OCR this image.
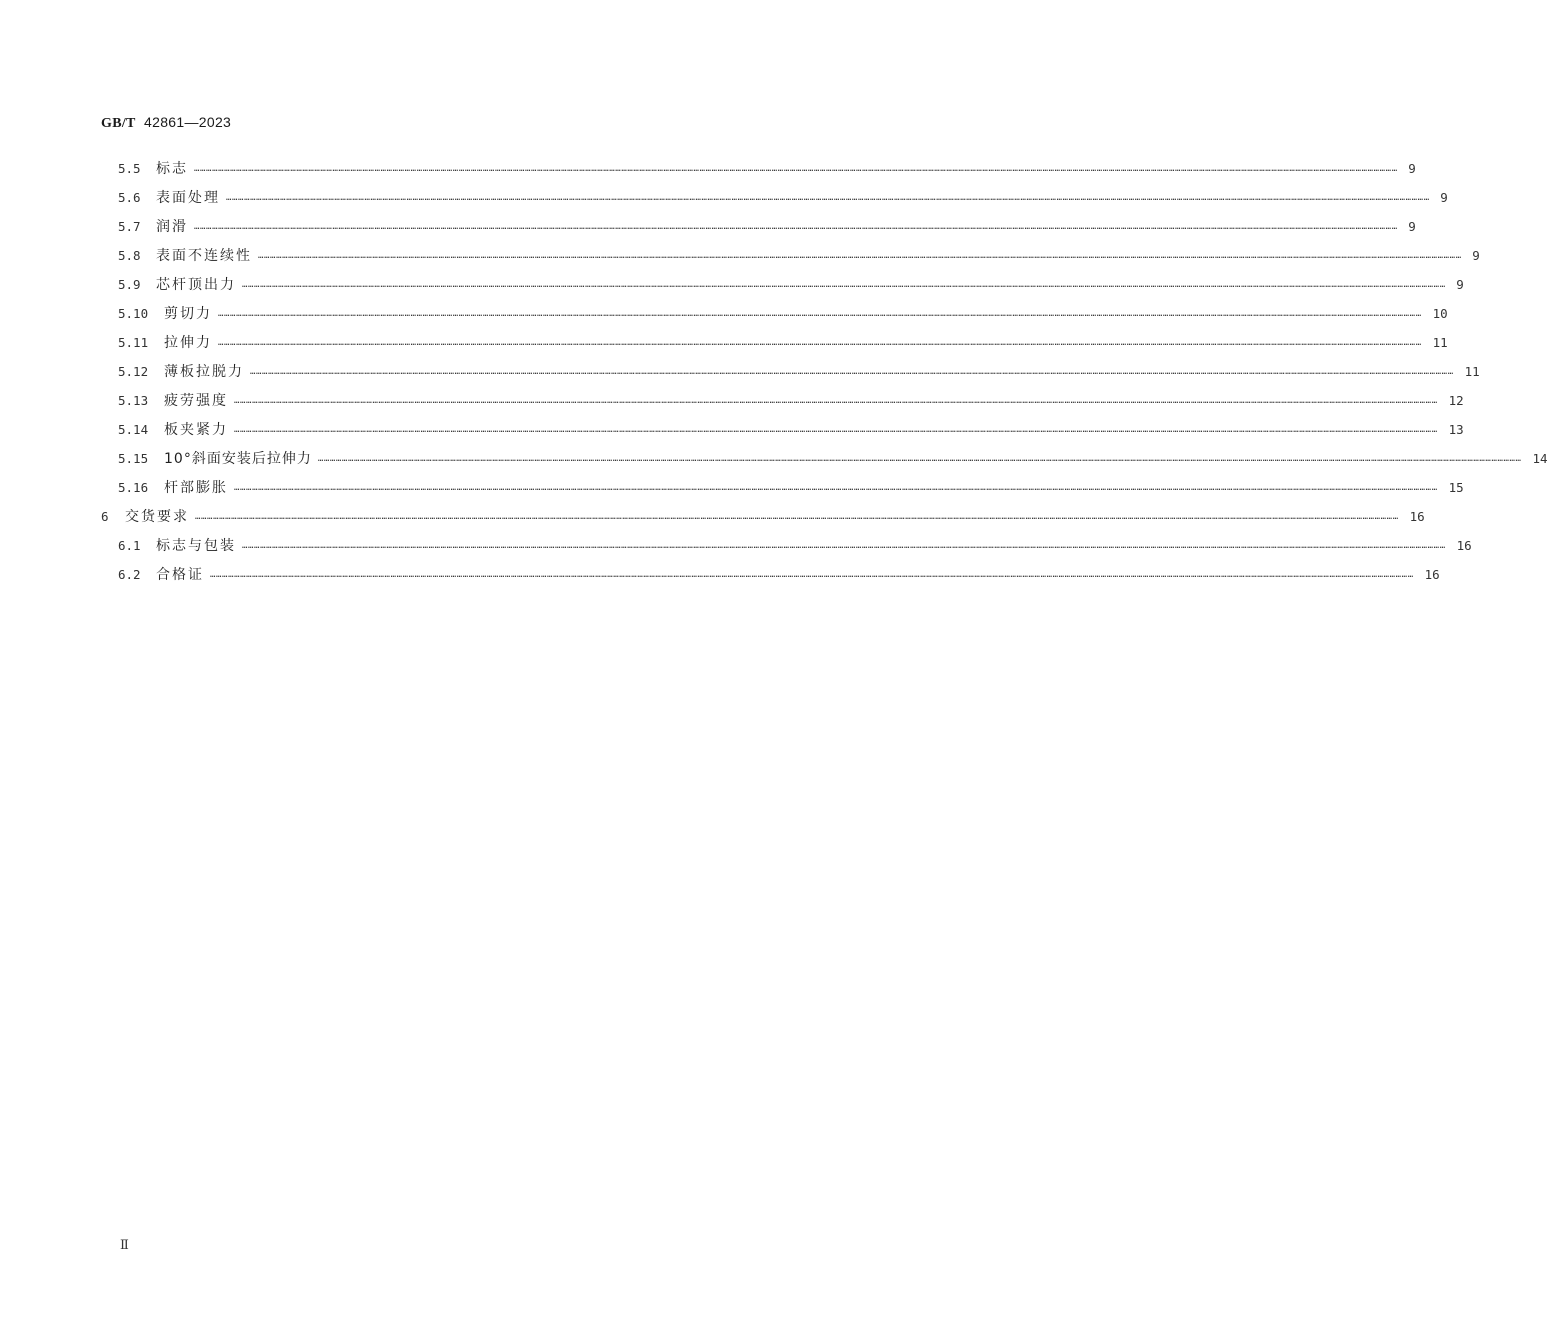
GB/T 42861—2023
5.5	标志 …………………………………………………………………………………………………………………………………………………………………………………………………………………………………………………………………………………………………………………………………………………………………………………………………………………………………………………………………………………………………………………………………………………… 9
5.6	表面处理 …………………………………………………………………………………………………………………………………………………………………………………………………………………………………………………………………………………………………………………………………………………………………………………………………………………………………………………………………………………………………………………………………………………… 9
5.7	润滑 …………………………………………………………………………………………………………………………………………………………………………………………………………………………………………………………………………………………………………………………………………………………………………………………………………………………………………………………………………………………………………………………………………………… 9
5.8	表面不连续性 …………………………………………………………………………………………………………………………………………………………………………………………………………………………………………………………………………………………………………………………………………………………………………………………………………………………………………………………………………………………………………………………………………………… 9
5.9	芯杆顶出力 …………………………………………………………………………………………………………………………………………………………………………………………………………………………………………………………………………………………………………………………………………………………………………………………………………………………………………………………………………………………………………………………………………………… 9
5.10	剪切力 …………………………………………………………………………………………………………………………………………………………………………………………………………………………………………………………………………………………………………………………………………………………………………………………………………………………………………………………………………………………………………………………………………………… 10
5.11	拉伸力 …………………………………………………………………………………………………………………………………………………………………………………………………………………………………………………………………………………………………………………………………………………………………………………………………………………………………………………………………………………………………………………………………………………… 11
5.12	薄板拉脱力 …………………………………………………………………………………………………………………………………………………………………………………………………………………………………………………………………………………………………………………………………………………………………………………………………………………………………………………………………………………………………………………………………………………… 11
5.13	疲劳强度 …………………………………………………………………………………………………………………………………………………………………………………………………………………………………………………………………………………………………………………………………………………………………………………………………………………………………………………………………………………………………………………………………………………… 12
5.14	板夹紧力 …………………………………………………………………………………………………………………………………………………………………………………………………………………………………………………………………………………………………………………………………………………………………………………………………………………………………………………………………………………………………………………………………………………… 13
5.15	10°斜面安装后拉伸力 …………………………………………………………………………………………………………………………………………………………………………………………………………………………………………………………………………………………………………………………………………………………………………………………………………………………………………………………………………………………………………………………………………………… 14
5.16	杆部膨胀 …………………………………………………………………………………………………………………………………………………………………………………………………………………………………………………………………………………………………………………………………………………………………………………………………………………………………………………………………………………………………………………………………………………… 15
6	交货要求 …………………………………………………………………………………………………………………………………………………………………………………………………………………………………………………………………………………………………………………………………………………………………………………………………………………………………………………………………………………………………………………………………………………… 16
6.1	标志与包装 …………………………………………………………………………………………………………………………………………………………………………………………………………………………………………………………………………………………………………………………………………………………………………………………………………………………………………………………………………………………………………………………………………………… 16
6.2	合格证 …………………………………………………………………………………………………………………………………………………………………………………………………………………………………………………………………………………………………………………………………………………………………………………………………………………………………………………………………………………………………………………………………………………… 16
Ⅱ
